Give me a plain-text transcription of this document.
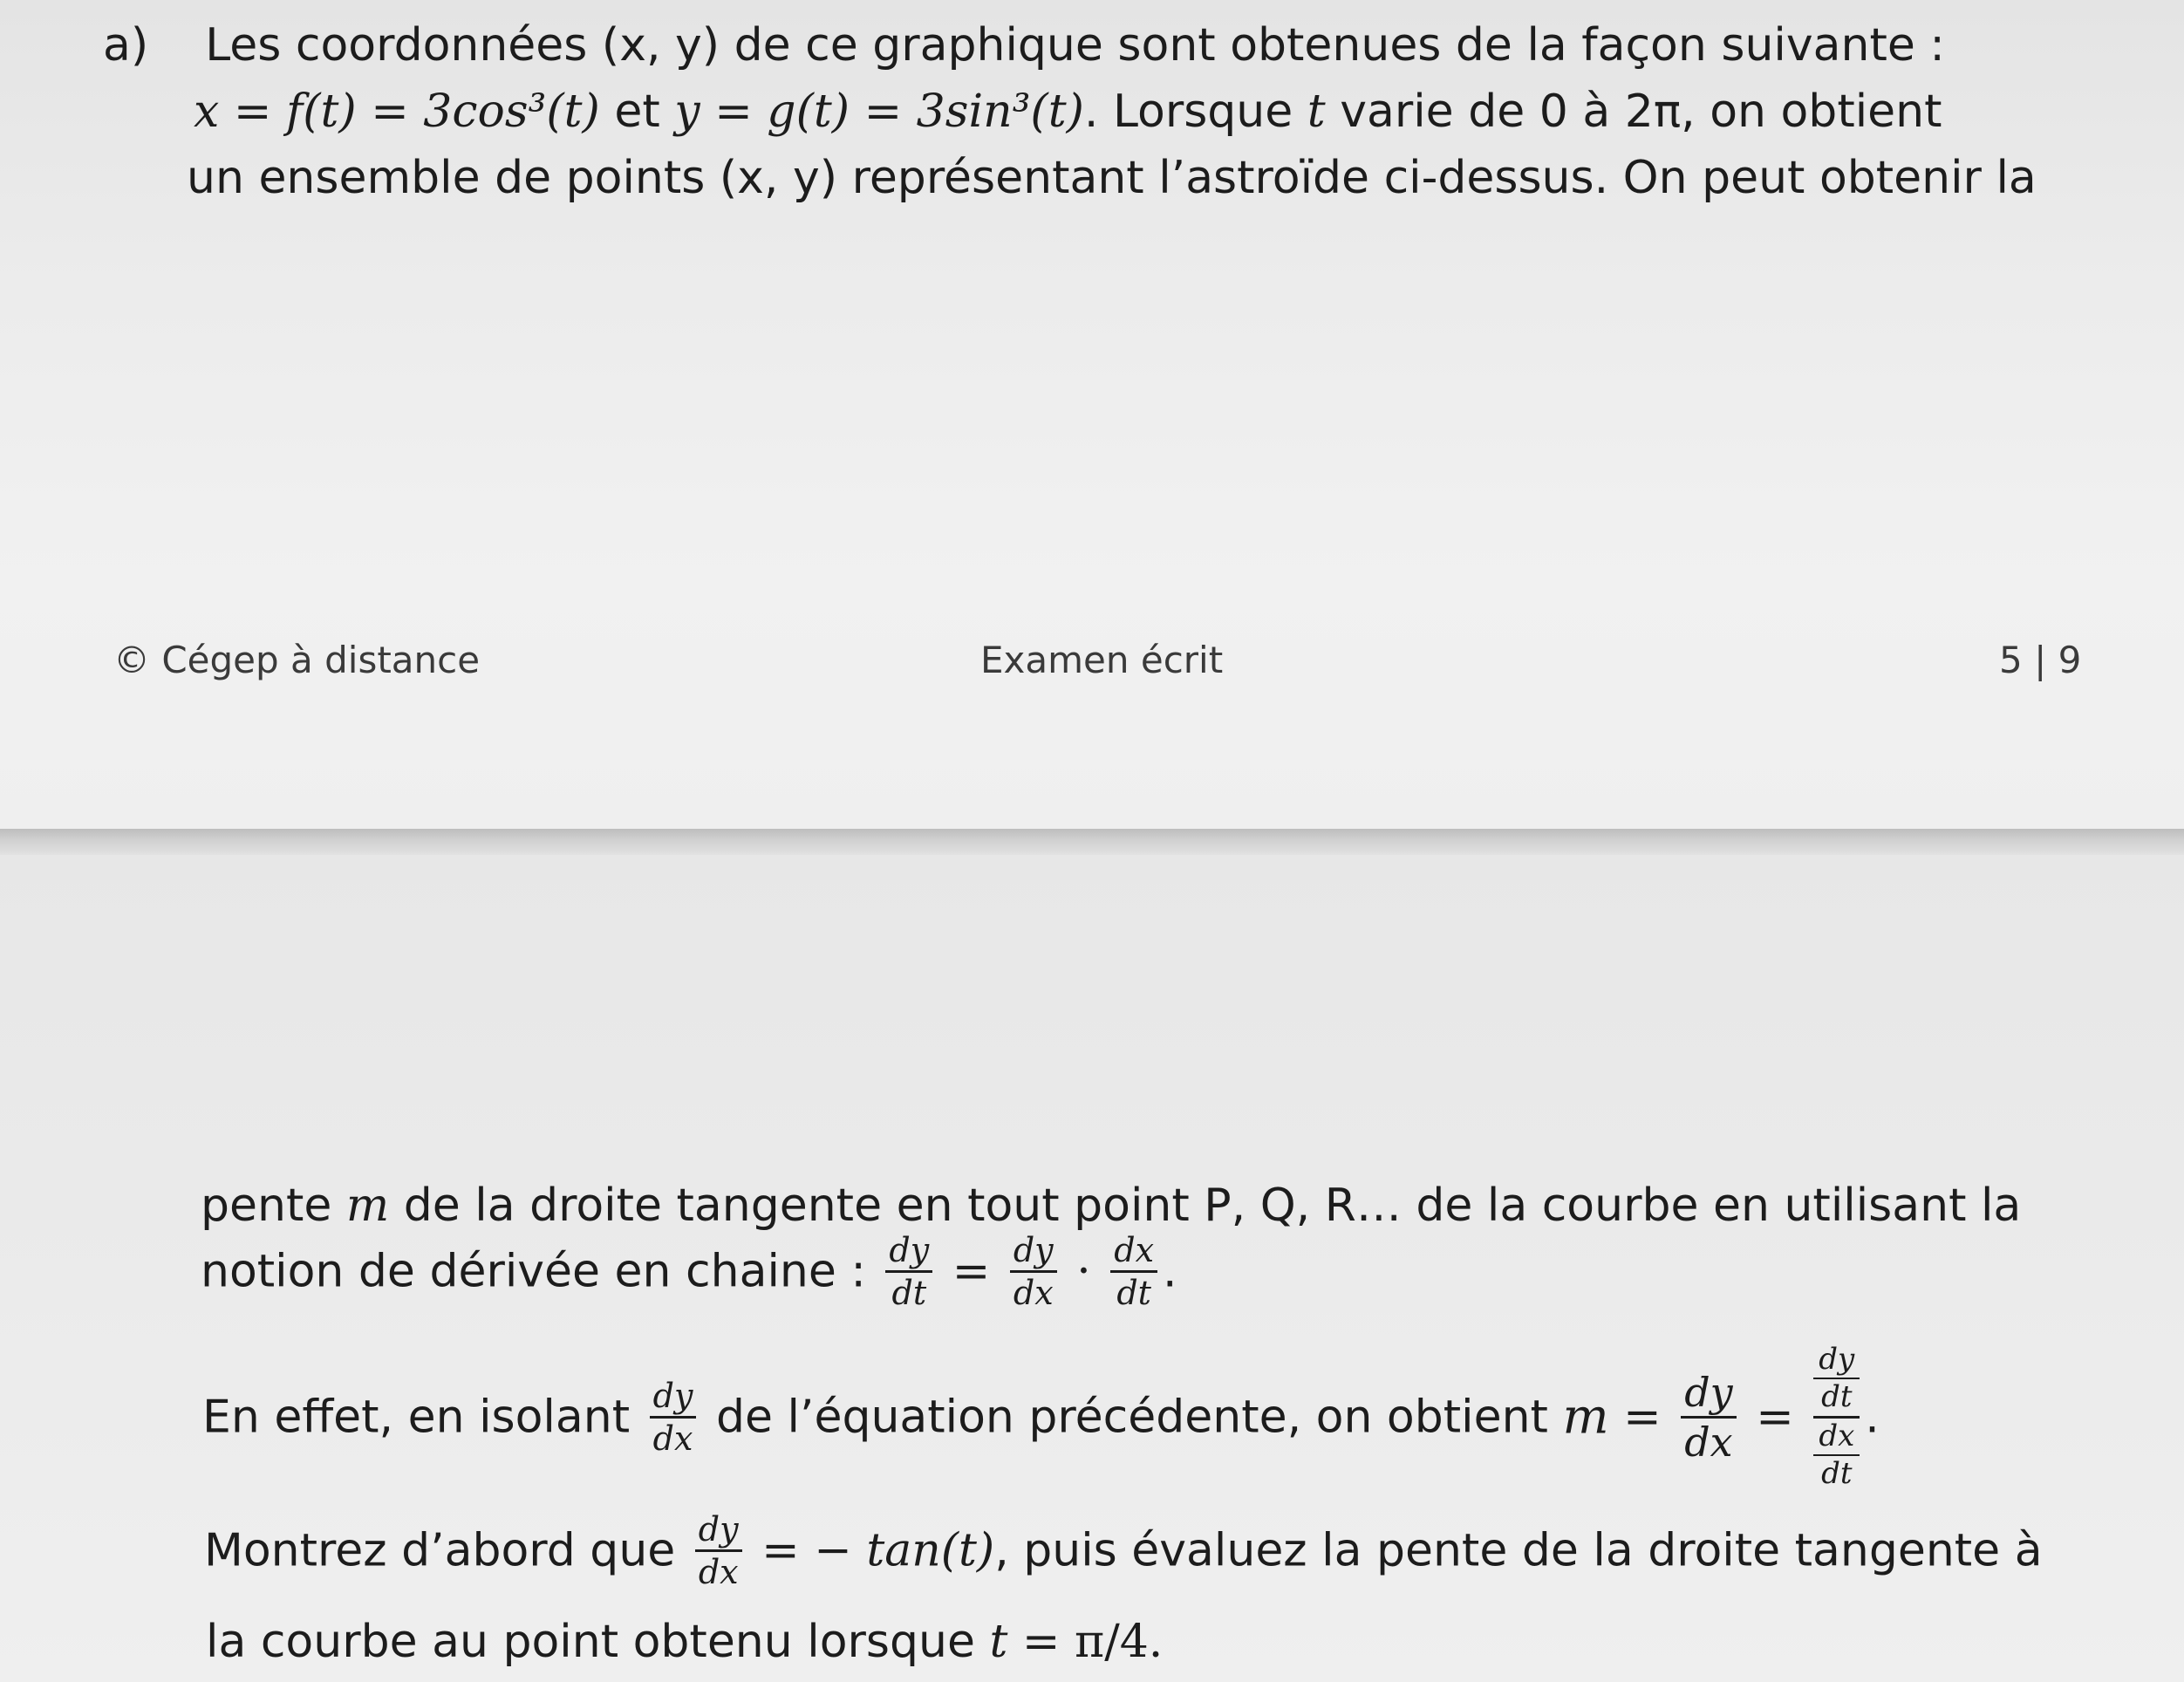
a) Les coordonnées (x, y) de ce graphique sont obtenues de la façon suivante :
x = f(t) = 3cos³(t) et y = g(t) = 3sin³(t). Lorsque t varie de 0 à 2π, on obtient
un ensemble de points (x, y) représentant l’astroïde ci-dessus. On peut obtenir la
© Cégep à distance	Examen écrit	5 | 9
pente m de la droite tangente en tout point P, Q, R… de la courbe en utilisant la
notion de dérivée en chaine : $\frac{dy}{dt} = \frac{dy}{dx} \cdot \frac{dx}{dt}$ .
En effet, en isolant $\frac{dy}{dx}$ de l’équation précédente, on obtient $m = \frac{dy}{dx}$ = dy
dt
dx
dt .
Montrez d’abord que $\frac{dy}{dx}$ = − tan(t), puis évaluez la pente de la droite tangente à
la courbe au point obtenu lorsque t = π/4.
